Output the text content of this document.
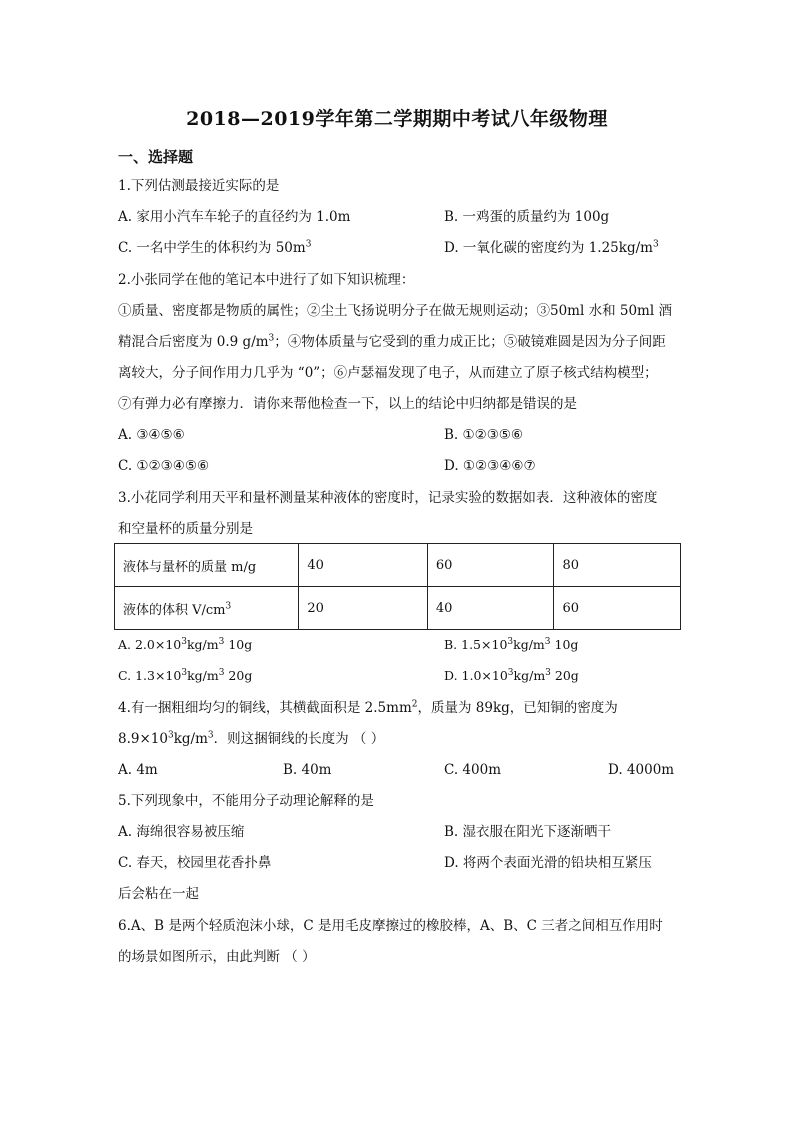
2018—2019学年第二学期期中考试八年级物理
一、选择题
1.下列估测最接近实际的是
A. 家用小汽车车轮子的直径约为 1.0m	B. 一鸡蛋的质量约为 100g
C. 一名中学生的体积约为 $50m^3$	D. 一氧化碳的密度约为 $1.25kg/m^3$
2.小张同学在他的笔记本中进行了如下知识梳理：
①质量、密度都是物质的属性；②尘土飞扬说明分子在做无规则运动；③50ml 水和 50ml 酒
精混合后密度为 0.9 $g/m^3$；④物体质量与它受到的重力成正比；⑤破镜难圆是因为分子间距
离较大，分子间作用力几乎为 “0”；⑥卢瑟福发现了电子，从而建立了原子核式结构模型；
⑦有弹力必有摩擦力．请你来帮他检查一下，以上的结论中归纳都是错误的是
A. ③④⑤⑥	B. ①②③⑤⑥
C. ①②③④⑤⑥	D. ①②③④⑥⑦
3.小花同学利用天平和量杯测量某种液体的密度时，记录实验的数据如表．这种液体的密度
和空量杯的质量分别是
液体与量杯的质量 m/g	40	60	80
液体的体积 $V/cm^3$	20	40	60
A. $2.0\times 10^3kg/m^3$ 10g	B. $1.5\times 10^3kg/m^3$ 10g
C. $1.3\times 10^3kg/m^3$ 20g	D. $1.0\times 10^3kg/m^3$ 20g
4.有一捆粗细均匀的铜线，其横截面积是 $2.5mm^2$，质量为 89kg，已知铜的密度为
$8.9\times 10^3kg/m^3$．则这捆铜线的长度为 （ ）
A. 4m	B. 40m	C. 400m	D. 4000m
5.下列现象中，不能用分子动理论解释的是
A. 海绵很容易被压缩	B. 湿衣服在阳光下逐渐晒干
C. 春天，校园里花香扑鼻	D. 将两个表面光滑的铅块相互紧压
后会粘在一起
6.A、B 是两个轻质泡沫小球，C 是用毛皮摩擦过的橡胶棒，A、B、C 三者之间相互作用时
的场景如图所示，由此判断 （ ）
